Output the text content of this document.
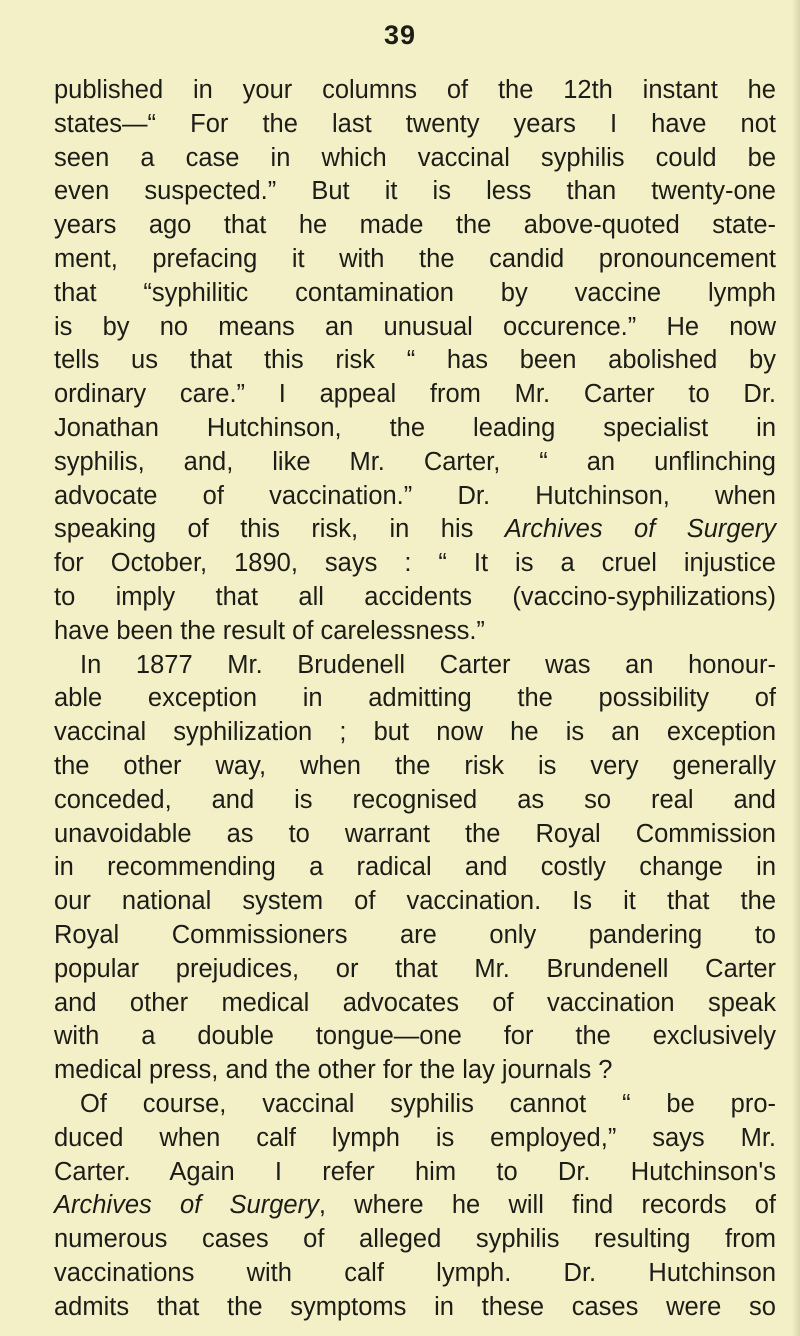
39
published in your columns of the 12th instant he
states—“ For the last twenty years I have not
seen a case in which vaccinal syphilis could be
even suspected.” But it is less than twenty-one
years ago that he made the above-quoted state-
ment, prefacing it with the candid pronouncement
that “syphilitic contamination by vaccine lymph
is by no means an unusual occurence.” He now
tells us that this risk “ has been abolished by
ordinary care.” I appeal from Mr. Carter to Dr.
Jonathan Hutchinson, the leading specialist in
syphilis, and, like Mr. Carter, “ an unflinching
advocate of vaccination.” Dr. Hutchinson, when
speaking of this risk, in his Archives of Surgery
for October, 1890, says : “ It is a cruel injustice
to imply that all accidents (vaccino-syphilizations)
have been the result of carelessness.”
In 1877 Mr. Brudenell Carter was an honour-
able exception in admitting the possibility of
vaccinal syphilization ; but now he is an exception
the other way, when the risk is very generally
conceded, and is recognised as so real and
unavoidable as to warrant the Royal Commission
in recommending a radical and costly change in
our national system of vaccination. Is it that the
Royal Commissioners are only pandering to
popular prejudices, or that Mr. Brundenell Carter
and other medical advocates of vaccination speak
with a double tongue—one for the exclusively
medical press, and the other for the lay journals ?
Of course, vaccinal syphilis cannot “ be pro-
duced when calf lymph is employed,” says Mr.
Carter. Again I refer him to Dr. Hutchinson's
Archives of Surgery, where he will find records of
numerous cases of alleged syphilis resulting from
vaccinations with calf lymph. Dr. Hutchinson
admits that the symptoms in these cases were so
